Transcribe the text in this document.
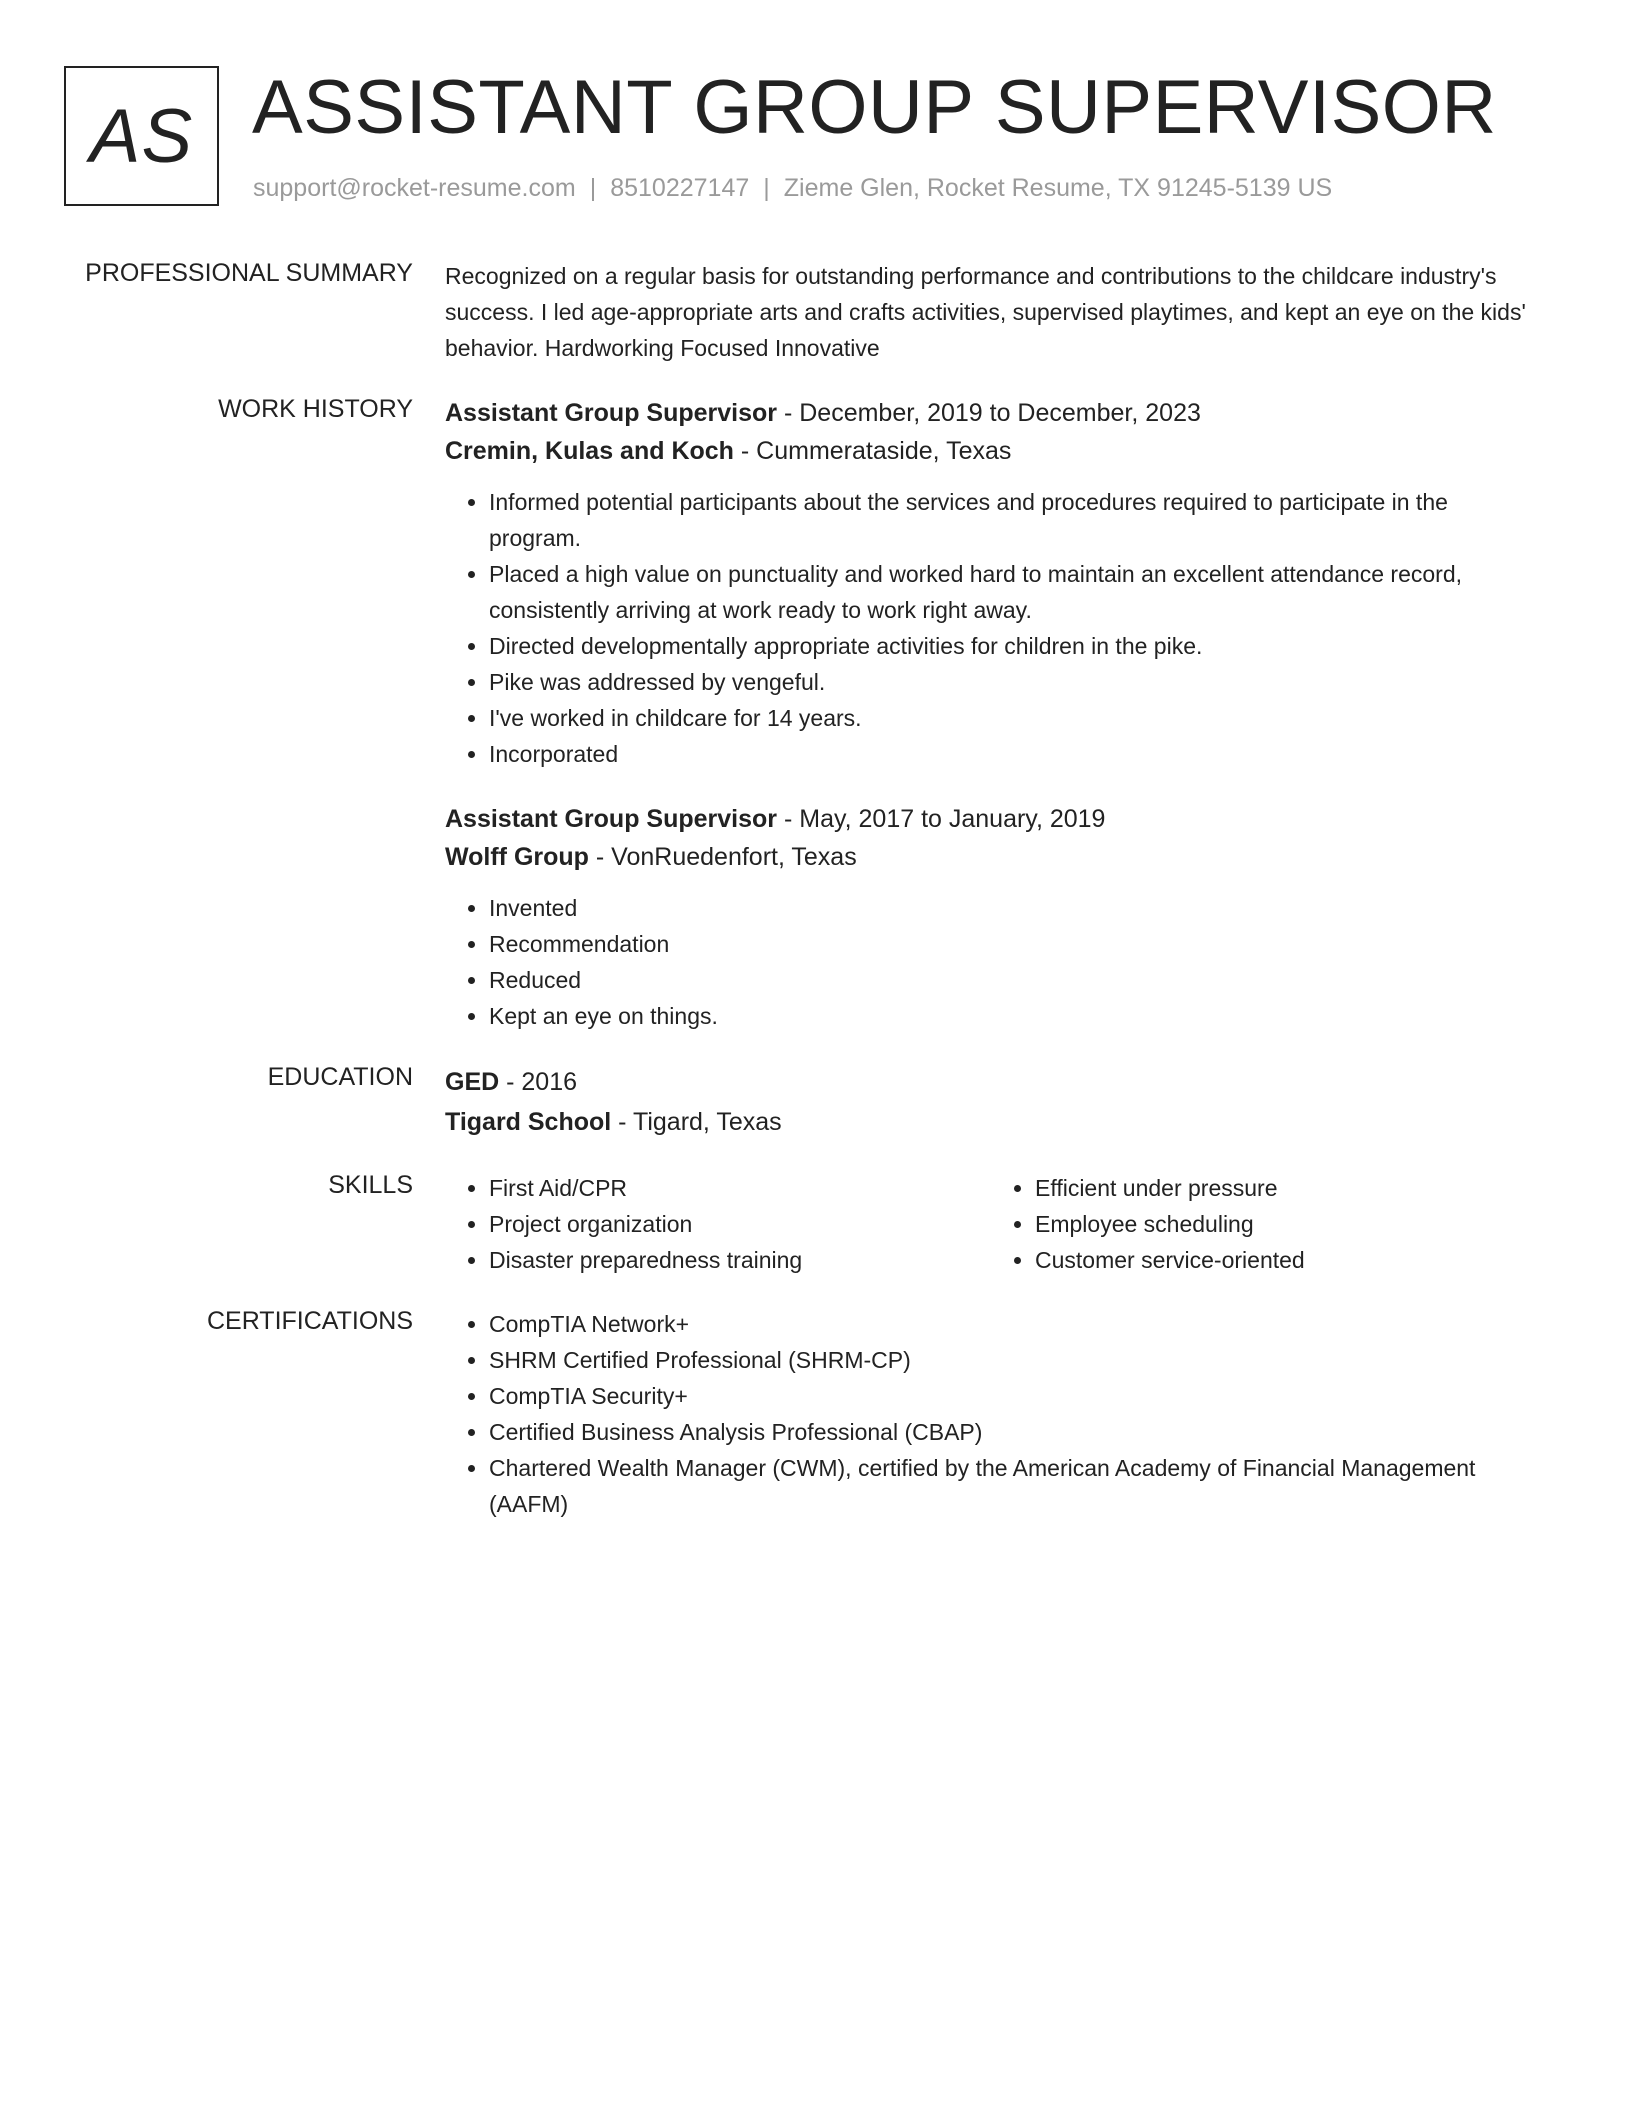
AS ASSISTANT GROUP SUPERVISOR
support@rocket-resume.com | 8510227147 | Zieme Glen, Rocket Resume, TX 91245-5139 US
PROFESSIONAL SUMMARY Recognized on a regular basis for outstanding performance and contributions to the childcare industry's success. I led age-appropriate arts and crafts activities, supervised playtimes, and kept an eye on the kids' behavior. Hardworking Focused Innovative

WORK HISTORY Assistant Group Supervisor - December, 2019 to December, 2023
Cremin, Kulas and Koch - Cummerataside, Texas
• Informed potential participants about the services and procedures required to participate in the program.
• Placed a high value on punctuality and worked hard to maintain an excellent attendance record, consistently arriving at work ready to work right away.
• Directed developmentally appropriate activities for children in the pike.
• Pike was addressed by vengeful.
• I've worked in childcare for 14 years.
• Incorporated
Assistant Group Supervisor - May, 2017 to January, 2019
Wolff Group - VonRuedenfort, Texas
• Invented
• Recommendation
• Reduced
• Kept an eye on things.
EDUCATION GED - 2016
Tigard School - Tigard, Texas
SKILLS	• First Aid/CPR
• Project organization
• Disaster preparedness training
• Efficient under pressure
• Employee scheduling
• Customer service-oriented
CERTIFICATIONS	• CompTIA Network+
• SHRM Certified Professional (SHRM-CP)
• CompTIA Security+
• Certified Business Analysis Professional (CBAP)
• Chartered Wealth Manager (CWM), certified by the American Academy of Financial Management (AAFM)
